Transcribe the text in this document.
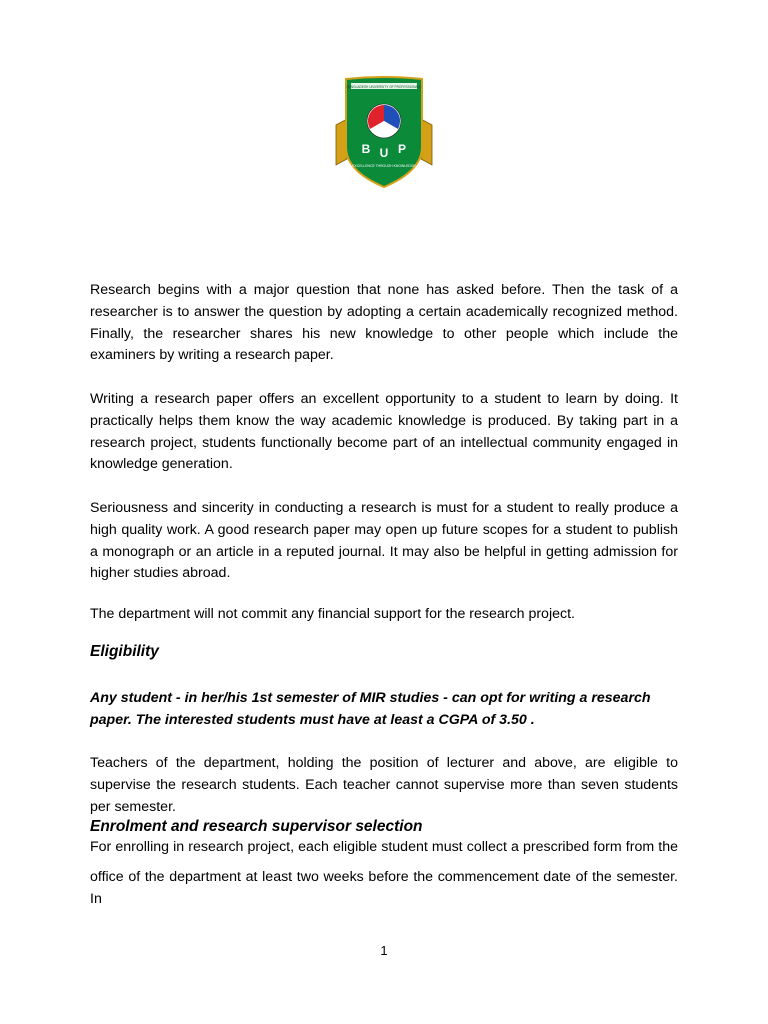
BANGLADESH UNIVERSITY OF PROFESSIONALS
B U P
EXCELLENCE THROUGH KNOWLEDGE

Research begins with a major question that none has asked before. Then the task of a researcher is to answer the question by adopting a certain academically recognized method. Finally, the researcher shares his new knowledge to other people which include the examiners by writing a research paper.

Writing a research paper offers an excellent opportunity to a student to learn by doing. It practically helps them know the way academic knowledge is produced. By taking part in a research project, students functionally become part of an intellectual community engaged in knowledge generation.

Seriousness and sincerity in conducting a research is must for a student to really produce a high quality work. A good research paper may open up future scopes for a student to publish a monograph or an article in a reputed journal. It may also be helpful in getting admission for higher studies abroad.

The department will not commit any financial support for the research project.

Eligibility

Any student - in her/his 1st semester of MIR studies - can opt for writing a research paper. The interested students must have at least a CGPA of 3.50 .

Teachers of the department, holding the position of lecturer and above, are eligible to supervise the research students. Each teacher cannot supervise more than seven students per semester.

Enrolment and research supervisor selection

For enrolling in research project, each eligible student must collect a prescribed form from the

office of the department at least two weeks before the commencement date of the semester. In

1
